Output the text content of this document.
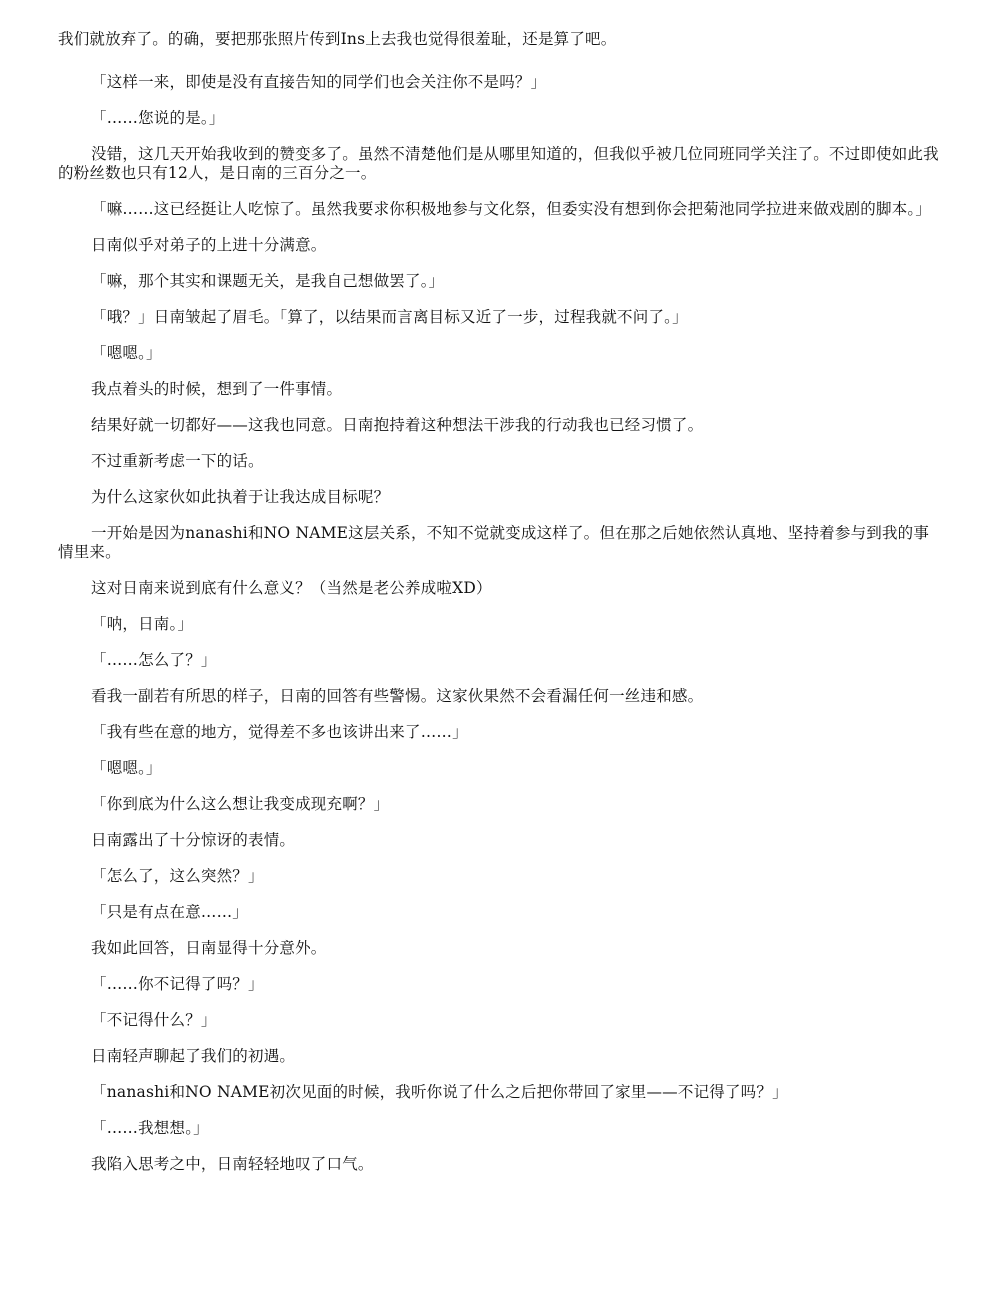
我们就放弃了。的确，要把那张照片传到Ins上去我也觉得很羞耻，还是算了吧。

「这样一来，即使是没有直接告知的同学们也会关注你不是吗？」

「……您说的是。」

没错，这几天开始我收到的赞变多了。虽然不清楚他们是从哪里知道的，但我似乎被几位同班同学关注了。不过即使如此我的粉丝数也只有12人，是日南的三百分之一。

「嘛……这已经挺让人吃惊了。虽然我要求你积极地参与文化祭，但委实没有想到你会把菊池同学拉进来做戏剧的脚本。」

日南似乎对弟子的上进十分满意。

「嘛，那个其实和课题无关，是我自己想做罢了。」

「哦？」日南皱起了眉毛。「算了，以结果而言离目标又近了一步，过程我就不问了。」

「嗯嗯。」

我点着头的时候，想到了一件事情。

结果好就一切都好——这我也同意。日南抱持着这种想法干涉我的行动我也已经习惯了。

不过重新考虑一下的话。

为什么这家伙如此执着于让我达成目标呢？

一开始是因为nanashi和NO NAME这层关系，不知不觉就变成这样了。但在那之后她依然认真地、坚持着参与到我的事情里来。

这对日南来说到底有什么意义？（当然是老公养成啦XD）

「呐，日南。」

「……怎么了？」

看我一副若有所思的样子，日南的回答有些警惕。这家伙果然不会看漏任何一丝违和感。

「我有些在意的地方，觉得差不多也该讲出来了……」

「嗯嗯。」

「你到底为什么这么想让我变成现充啊？」

日南露出了十分惊讶的表情。

「怎么了，这么突然？」

「只是有点在意……」

我如此回答，日南显得十分意外。

「……你不记得了吗？」

「不记得什么？」

日南轻声聊起了我们的初遇。

「nanashi和NO NAME初次见面的时候，我听你说了什么之后把你带回了家里——不记得了吗？」

「……我想想。」

我陷入思考之中，日南轻轻地叹了口气。
